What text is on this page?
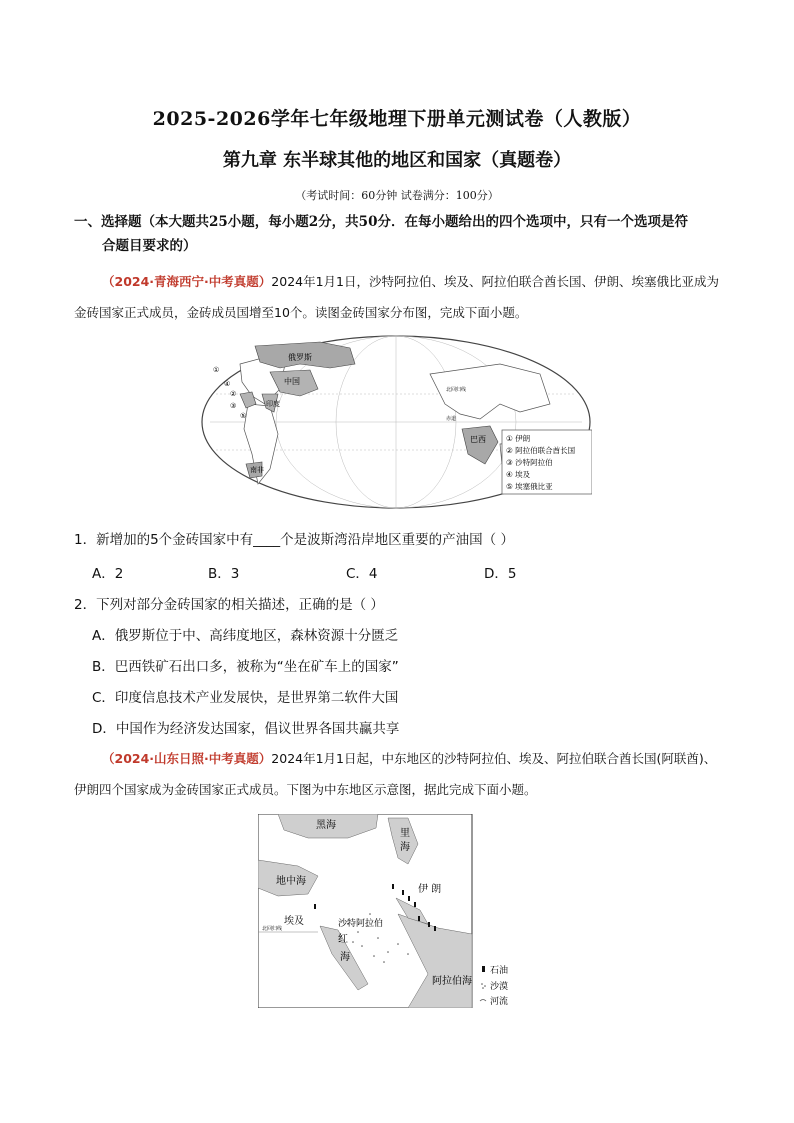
2025-2026学年七年级地理下册单元测试卷（人教版）
第九章 东半球其他的地区和国家（真题卷）
（考试时间：60分钟 试卷满分：100分）
一、选择题（本大题共25小题，每小题2分，共50分．在每小题给出的四个选项中，只有一个选项是符
合题目要求的）
（2024·青海西宁·中考真题）2024年1月1日，沙特阿拉伯、埃及、阿拉伯联合酋长国、伊朗、埃塞俄比亚成为金砖国家正式成员，金砖成员国增至10个。读图金砖国家分布图，完成下面小题。
俄罗斯
中国
印度
巴西
南非
①
②
③
④
⑤
北回归线
赤道
① 伊朗
② 阿拉伯联合酋长国
③ 沙特阿拉伯
④ 埃及
⑤ 埃塞俄比亚
1．新增加的5个金砖国家中有____个是波斯湾沿岸地区重要的产油国（ ）
A．2	B．3	C．4	D．5
2．下列对部分金砖国家的相关描述，正确的是（ ）
A．俄罗斯位于中、高纬度地区，森林资源十分匮乏
B．巴西铁矿石出口多，被称为“坐在矿车上的国家”
C．印度信息技术产业发展快，是世界第二软件大国
D．中国作为经济发达国家，倡议世界各国共赢共享
（2024·山东日照·中考真题）2024年1月1日起，中东地区的沙特阿拉伯、埃及、阿拉伯联合酋长国(阿联酋)、伊朗四个国家成为金砖国家正式成员。下图为中东地区示意图，据此完成下面小题。
黑海
里
海
地中海
伊 朗
埃及	沙特阿拉伯
红
海
阿拉伯海
北回归线
石油
沙漠
河流
